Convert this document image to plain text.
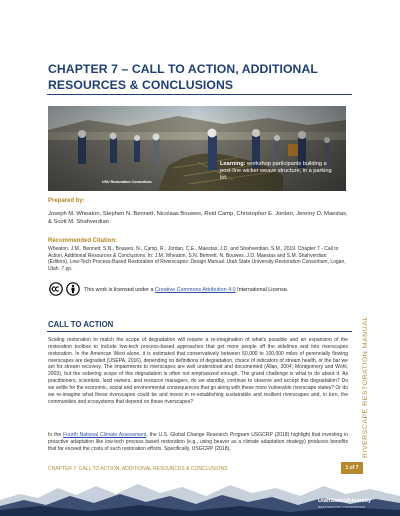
CHAPTER 7 – CALL TO ACTION, ADDITIONAL RESOURCES & CONCLUSIONS
USU Restoration Consortium
Learning: workshop participants building a post-line wicker weave structure, in a parking lot.
Prepared by:
Joseph M. Wheaton, Stephen N. Bennett, Nicolaas Bouwes, Reid Camp, Christopher E. Jordan, Jeremy D. Maestas, & Scott M. Shahverdian
Recommended Citation:
Wheaton, J.M., Bennett, S.N., Bouwes, N., Camp, R., Jordan, C.E., Maestas, J.D. and Shahverdian, S.M., 2019. Chapter 7 - Call to Action, Additional Resources & Conclusions. In: J.M. Wheaton, S.N. Bennett, N. Bouwes, J.D. Maestas and S.M. Shahverdian (Editors), Low-Tech Process-Based Restoration of Riverscapes: Design Manual. Utah State University Restoration Consortium, Logan, Utah. 7 pp.
This work is licensed under a Creative Commons Attribution 4.0 International License.
CALL TO ACTION
Scaling restoration to match the scope of degradation will require a re-imagination of what's possible and an expansion of the restoration toolbox to include low-tech process-based approaches that get more people off the sidelines and into riverscapes restoration. In the American West alone, it is estimated that conservatively between 50,000 to 100,000 miles of perennially flowing riverscapes are degraded (USEPA, 2016), depending on definitions of degradation, choice of indicators of stream health, or the bar we set for stream recovery. The impairments to riverscapes are well understood and documented (Allan, 2004; Montgomery and Wohl, 2003), but the sobering scope of this degradation is often not emphasized enough. The grand challenge is what to do about it. As practitioners, scientists, land owners, and resource managers, do we standby, continue to observe and accept this degradation? Do we settle for the economic, social and environmental consequences that go along with these more vulnerable riverscape states? Or do we re-imagine what these riverscapes could be and invest in re-establishing sustainable and resilient riverscapes and, in turn, the communities and ecosystems that depend on these riverscapes?
In the Fourth National Climate Assessment, the U.S. Global Change Research Program USGCRP (2018) highlight that investing in proactive adaptation like low-tech process based restoration (e.g., using beaver as a climate adaptation strategy) produces benefits that far exceed the costs of such restoration efforts. Specifically, USGCRP (2018),	RIVERSCAPE RESTORATION MANUAL
CHAPTER 7: CALL TO ACTION, ADDITIONAL RESOURCES & CONCLUSIONS	1 of 7
UtahStateUniversity
RESTORATION CONSORTIUM
